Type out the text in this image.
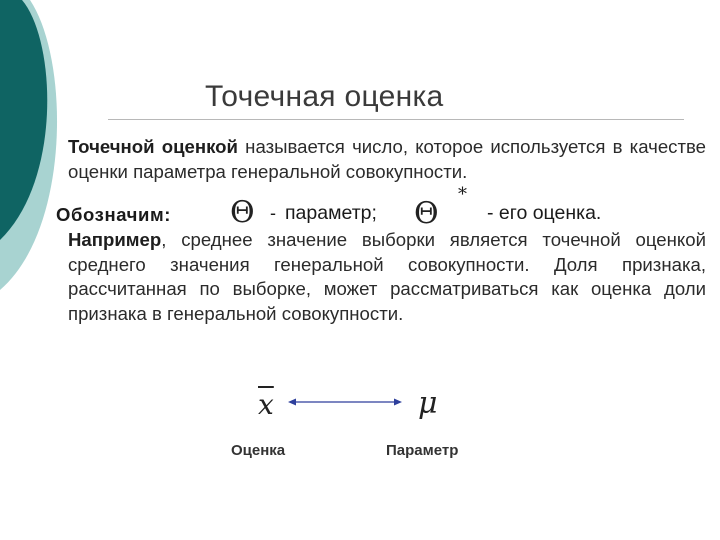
Точечная оценка
Точечной оценкой называется число, которое используется в качестве оценки параметра генеральной совокупности.
Обозначим: Θ - параметр; Θ
*
- его оценка.
Например, среднее значение выборки является точечной оценкой среднего значения генеральной совокупности. Доля признака, рассчитанная по выборке, может рассматриваться как оценка доли признака в генеральной совокупности.
$\overline{x}$	μ
Оценка	Параметр
